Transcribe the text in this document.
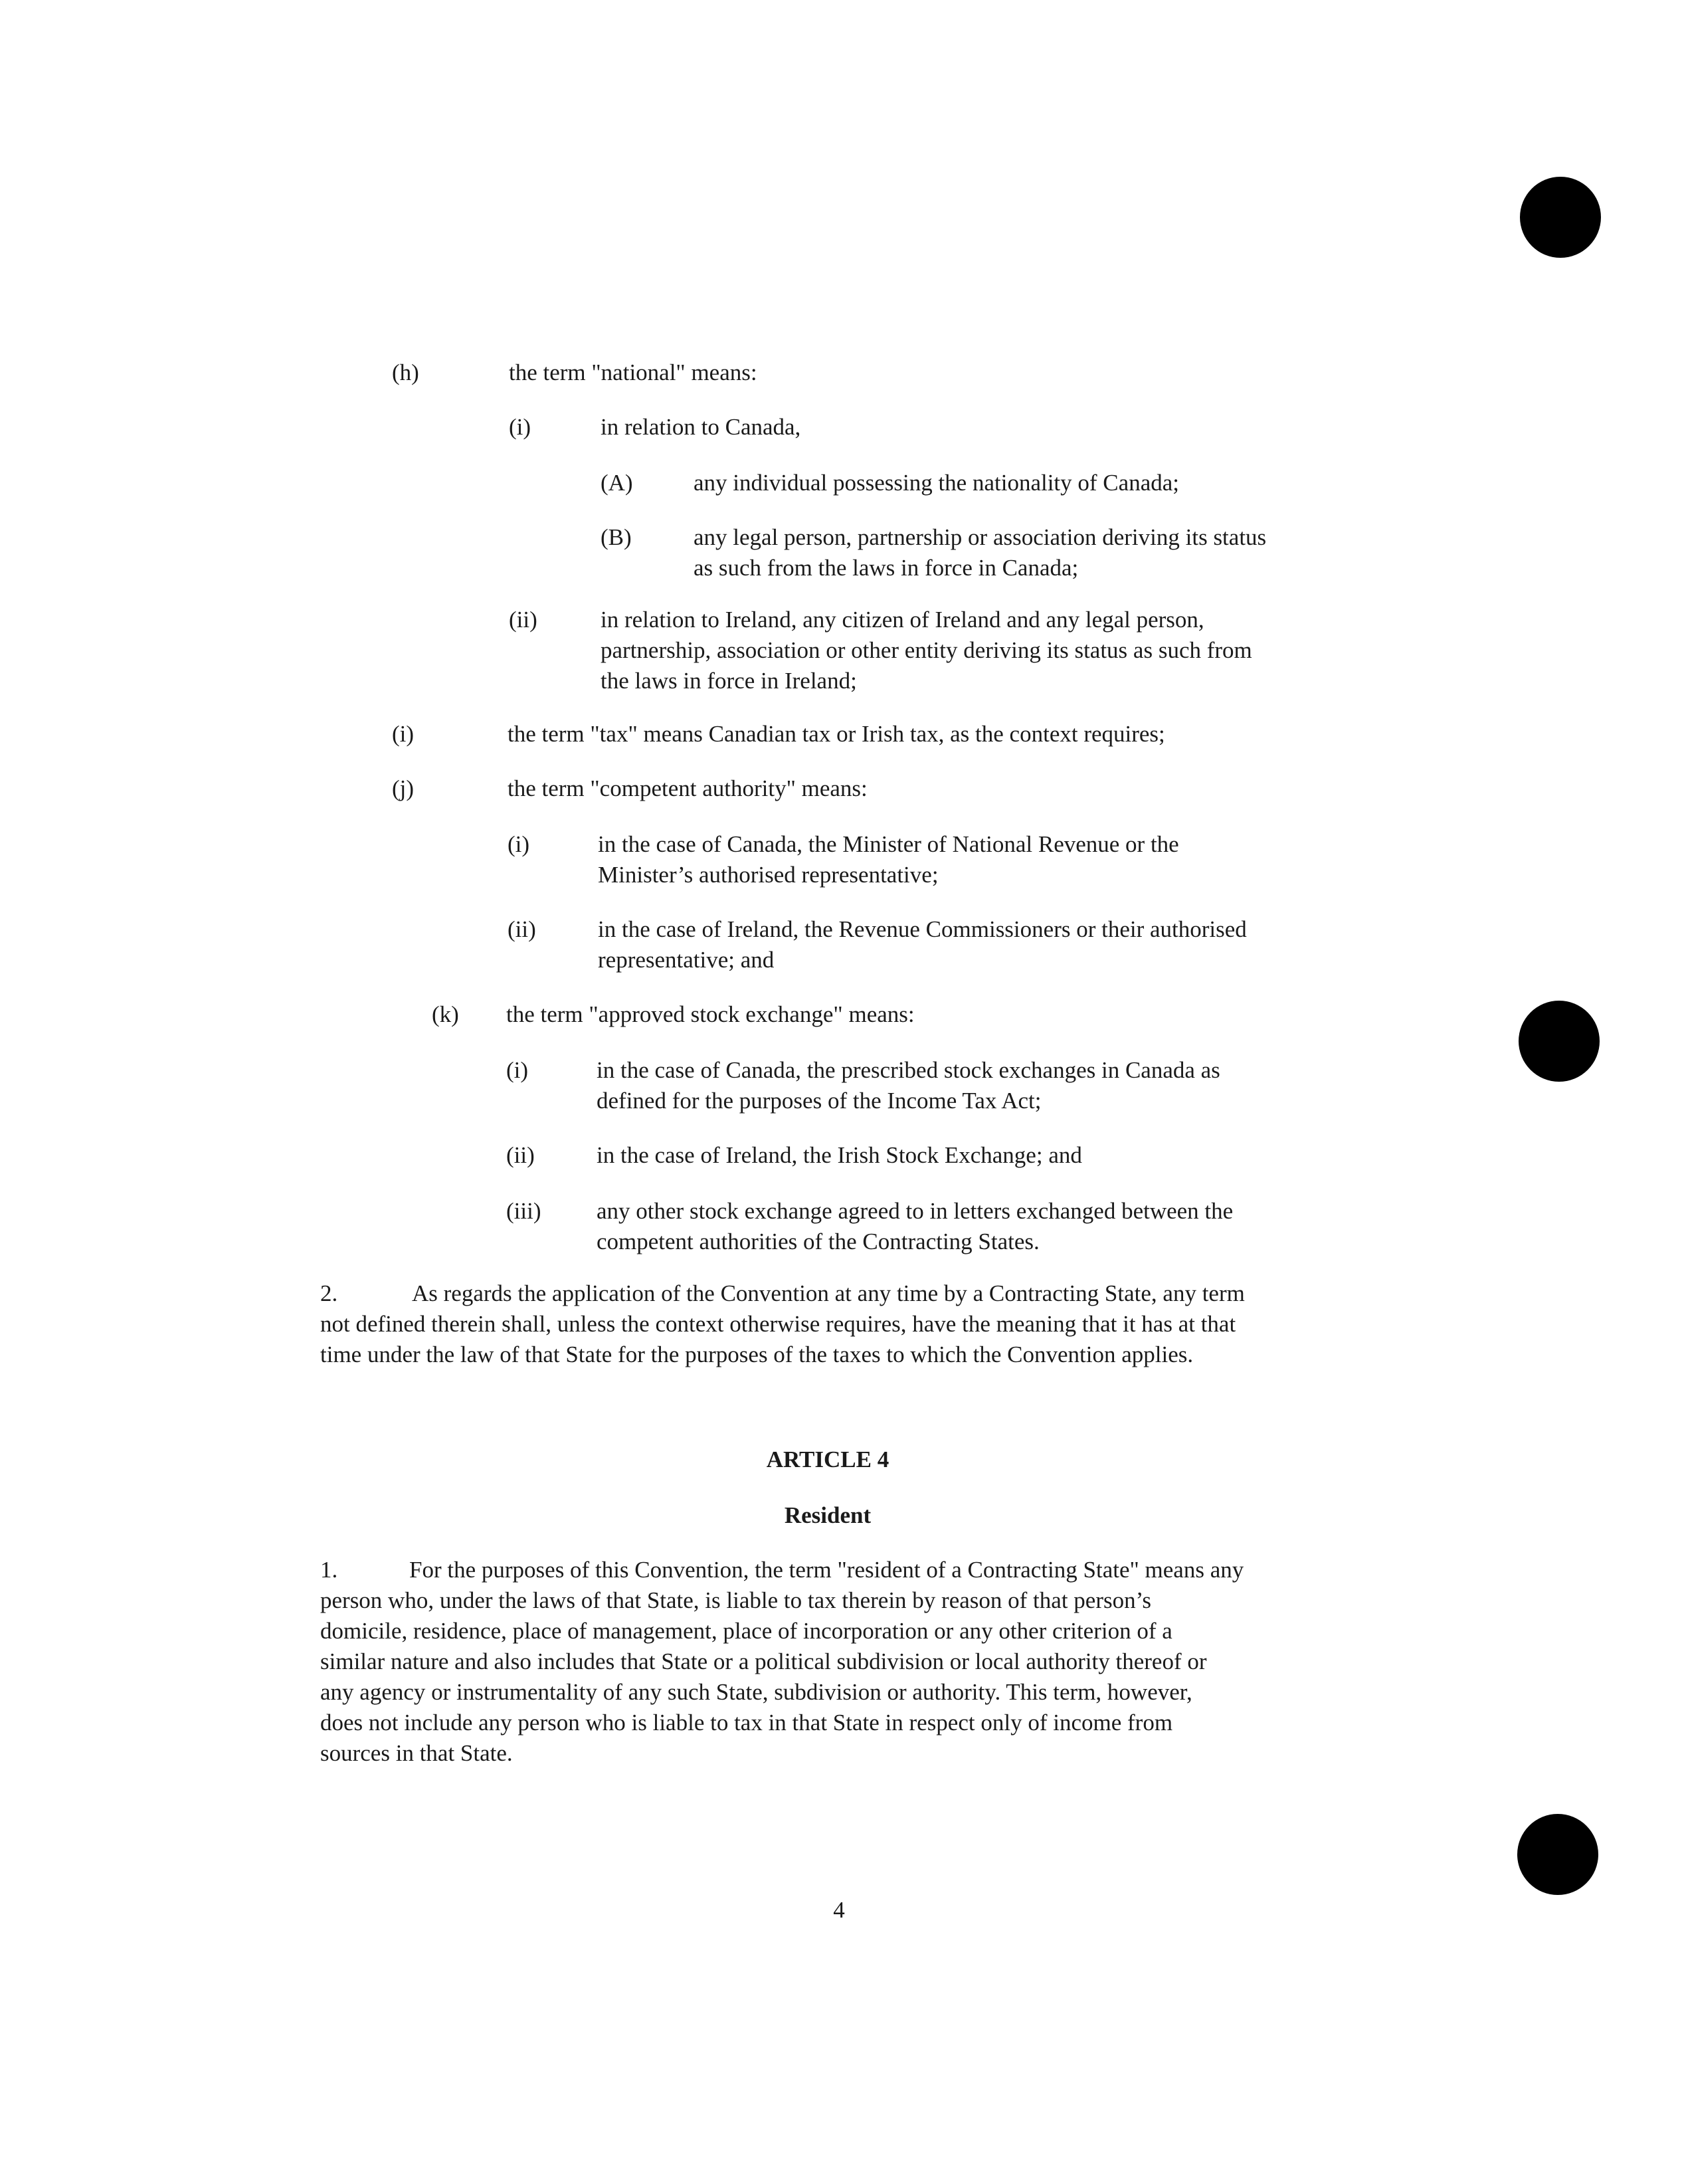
(h)	the term "national" means:
(i)	in relation to Canada,
(A)	any individual possessing the nationality of Canada;
(B)	any legal person, partnership or association deriving its status
as such from the laws in force in Canada;
(ii)	in relation to Ireland, any citizen of Ireland and any legal person,
partnership, association or other entity deriving its status as such from
the laws in force in Ireland;
(i)	the term "tax" means Canadian tax or Irish tax, as the context requires;
(j)	the term "competent authority" means:
(i)	in the case of Canada, the Minister of National Revenue or the
Minister’s authorised representative;
(ii)	in the case of Ireland, the Revenue Commissioners or their authorised
representative; and
(k) the term "approved stock exchange" means:
(i)	in the case of Canada, the prescribed stock exchanges in Canada as
defined for the purposes of the Income Tax Act;
(ii)	in the case of Ireland, the Irish Stock Exchange; and
(iii) any other stock exchange agreed to in letters exchanged between the
competent authorities of the Contracting States.
2.	As regards the application of the Convention at any time by a Contracting State, any term
not defined therein shall, unless the context otherwise requires, have the meaning that it has at that
time under the law of that State for the purposes of the taxes to which the Convention applies.
ARTICLE 4
Resident
1.	For the purposes of this Convention, the term "resident of a Contracting State" means any
person who, under the laws of that State, is liable to tax therein by reason of that person’s
domicile, residence, place of management, place of incorporation or any other criterion of a
similar nature and also includes that State or a political subdivision or local authority thereof or
any agency or instrumentality of any such State, subdivision or authority. This term, however,
does not include any person who is liable to tax in that State in respect only of income from
sources in that State.
4
